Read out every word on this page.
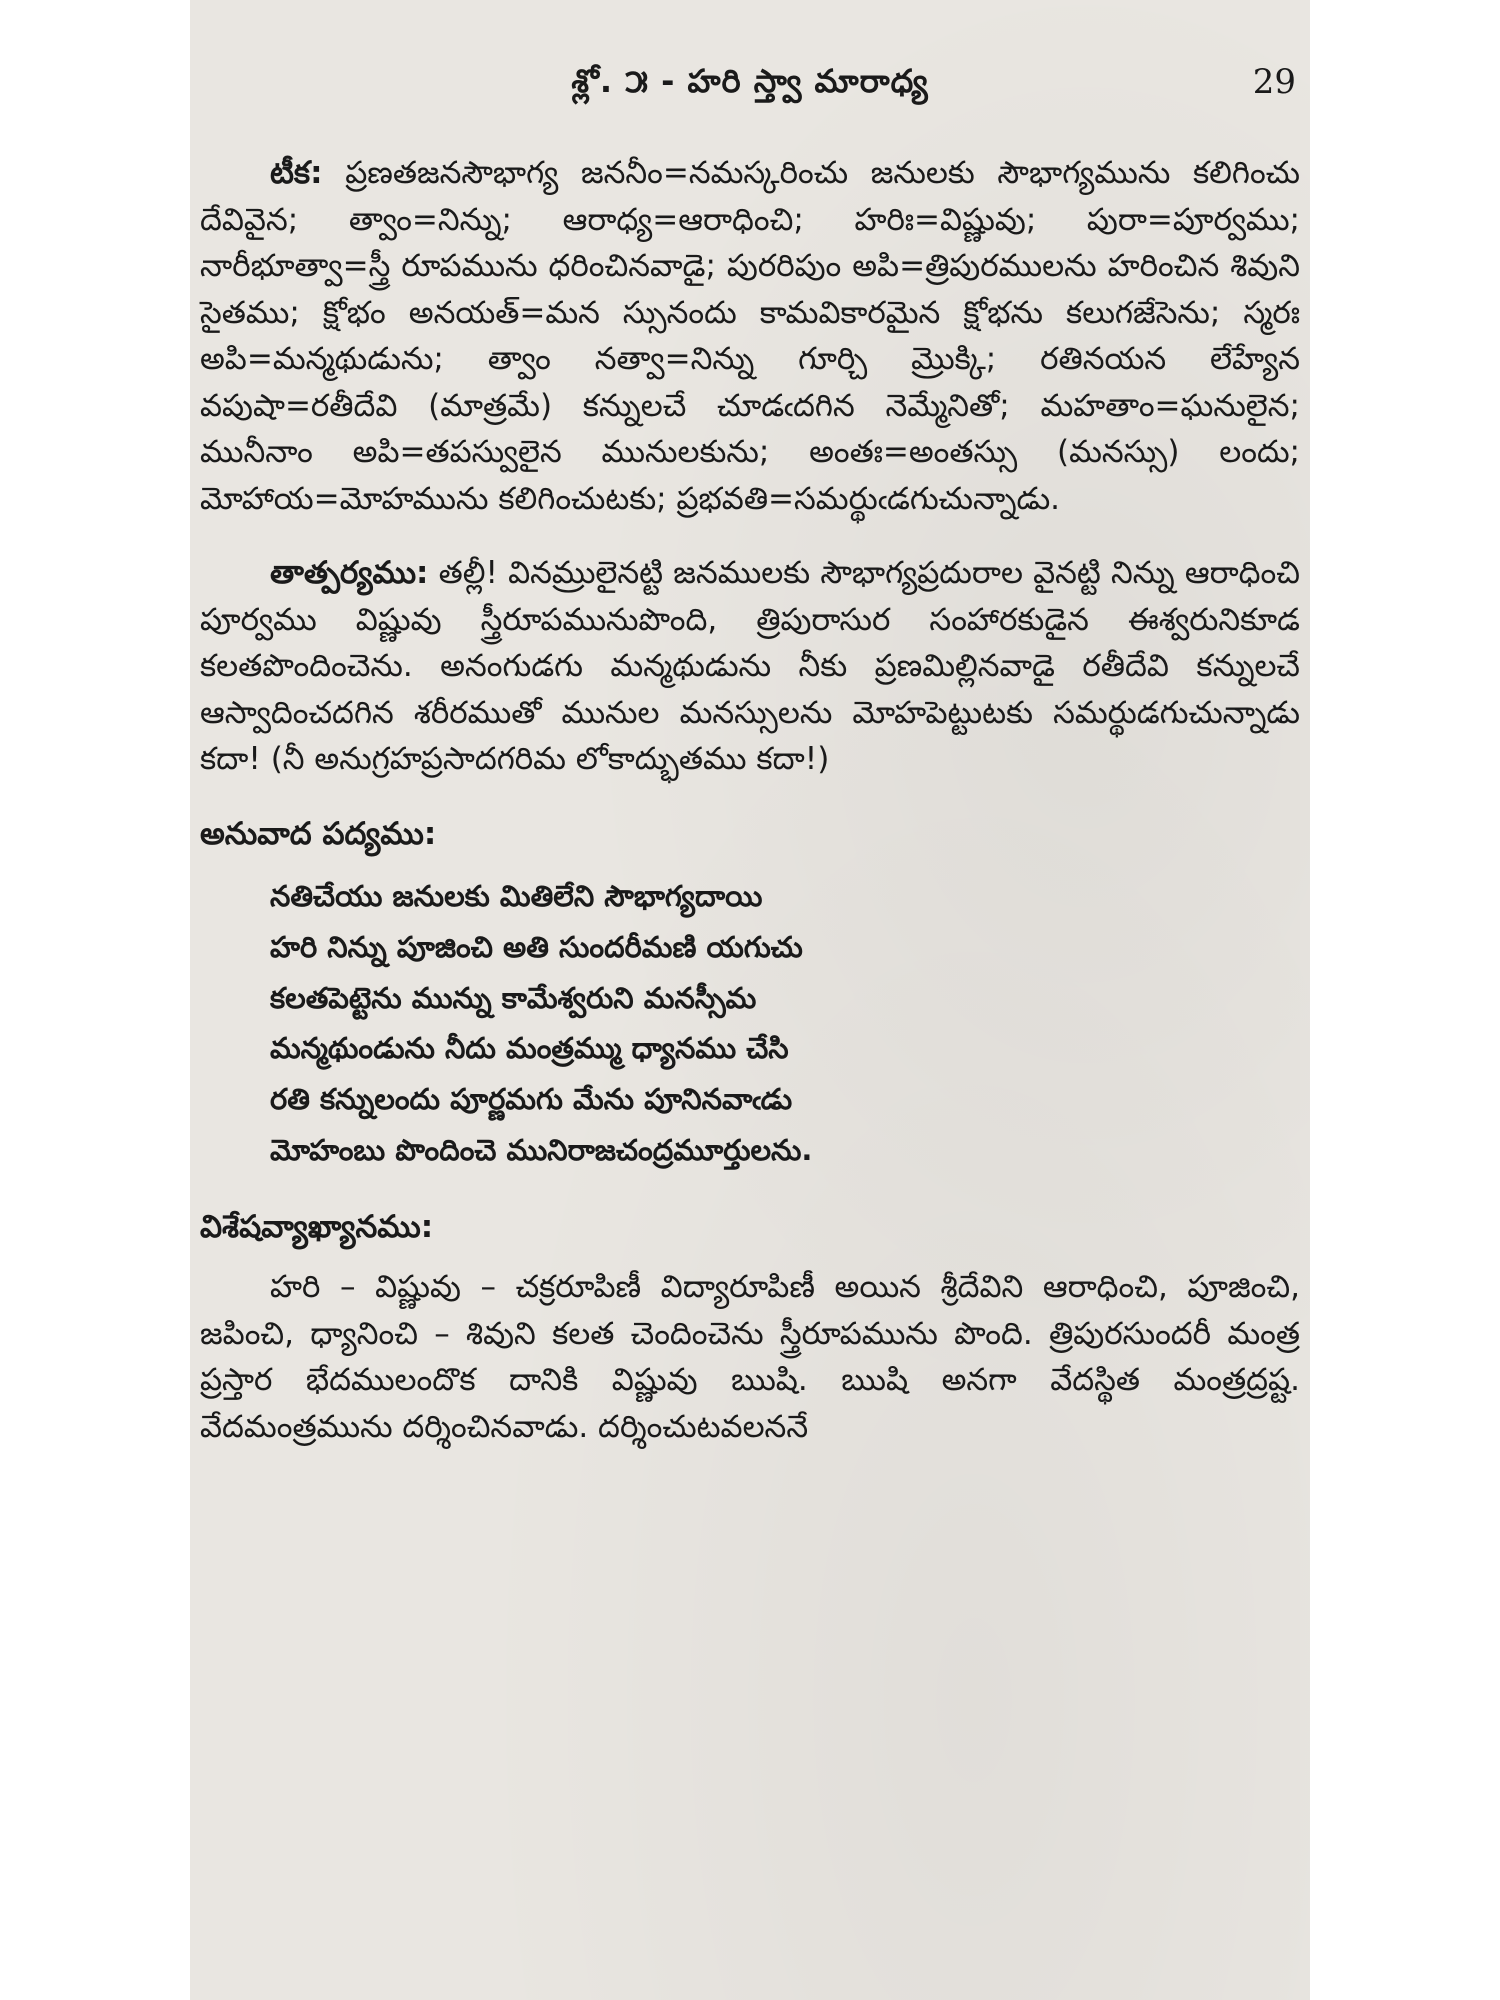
శ్లో. ౫ - హరి స్త్వా మారాధ్య	29

టీక: ప్రణతజనసౌభాగ్య జననీం=నమస్కరించు జనులకు సౌభాగ్యమును కలిగించు దేవివైన; త్వాం=నిన్ను; ఆరాధ్య=ఆరాధించి; హరిః=విష్ణువు; పురా=పూర్వము; నారీభూత్వా=స్త్రీ రూపమును ధరించినవాడై; పురరిపుం అపి=త్రిపురములను హరించిన శివుని సైతము; క్షోభం అనయత్=మన స్సునందు కామవికారమైన క్షోభను కలుగజేసెను; స్మరః అపి=మన్మథుడును; త్వాం నత్వా=నిన్ను గూర్చి మ్రొక్కి; రతినయన లేహ్యేన వపుషా=రతీదేవి (మాత్రమే) కన్నులచే చూడఁదగిన నెమ్మేనితో; మహతాం=ఘనులైన; మునీనాం అపి=తపస్వులైన మునులకును; అంతః=అంతస్సు (మనస్సు) లందు; మోహాయ=మోహమును కలిగించుటకు; ప్రభవతి=సమర్థుఁడగుచున్నాడు.

తాత్పర్యము: తల్లీ! వినమ్రులైనట్టి జనములకు సౌభాగ్యప్రదురాల వైనట్టి నిన్ను ఆరాధించి పూర్వము విష్ణువు స్త్రీరూపమునుపొంది, త్రిపురాసుర సంహారకుడైన ఈశ్వరునికూడ కలతపొందించెను. అనంగుడగు మన్మథుడును నీకు ప్రణమిల్లినవాడై రతీదేవి కన్నులచే ఆస్వాదించదగిన శరీరముతో మునుల మనస్సులను మోహపెట్టుటకు సమర్థుడగుచున్నాడు కదా! (నీ అనుగ్రహప్రసాదగరిమ లోకాద్భుతము కదా!)

అనువాద పద్యము:
నతిచేయు జనులకు మితిలేని సౌభాగ్యదాయి
హరి నిన్ను పూజించి అతి సుందరీమణి యగుచు
కలతపెట్టెను మున్ను కామేశ్వరుని మనస్సీమ
మన్మథుండును నీదు మంత్రమ్ము ధ్యానము చేసి
రతి కన్నులందు పూర్ణమగు మేను పూనినవాఁడు
మోహంబు పొందించె మునిరాజచంద్రమూర్తులను.
విశేషవ్యాఖ్యానము:

హరి – విష్ణువు – చక్రరూపిణీ విద్యారూపిణీ అయిన శ్రీదేవిని ఆరాధించి, పూజించి, జపించి, ధ్యానించి – శివుని కలత చెందించెను స్త్రీరూపమును పొంది. త్రిపురసుందరీ మంత్ర ప్రస్తార భేదములందొక దానికి విష్ణువు ఋషి. ఋషి అనగా వేదస్థిత మంత్రద్రష్ట. వేదమంత్రమును దర్శించినవాడు. దర్శించుటవలననే
